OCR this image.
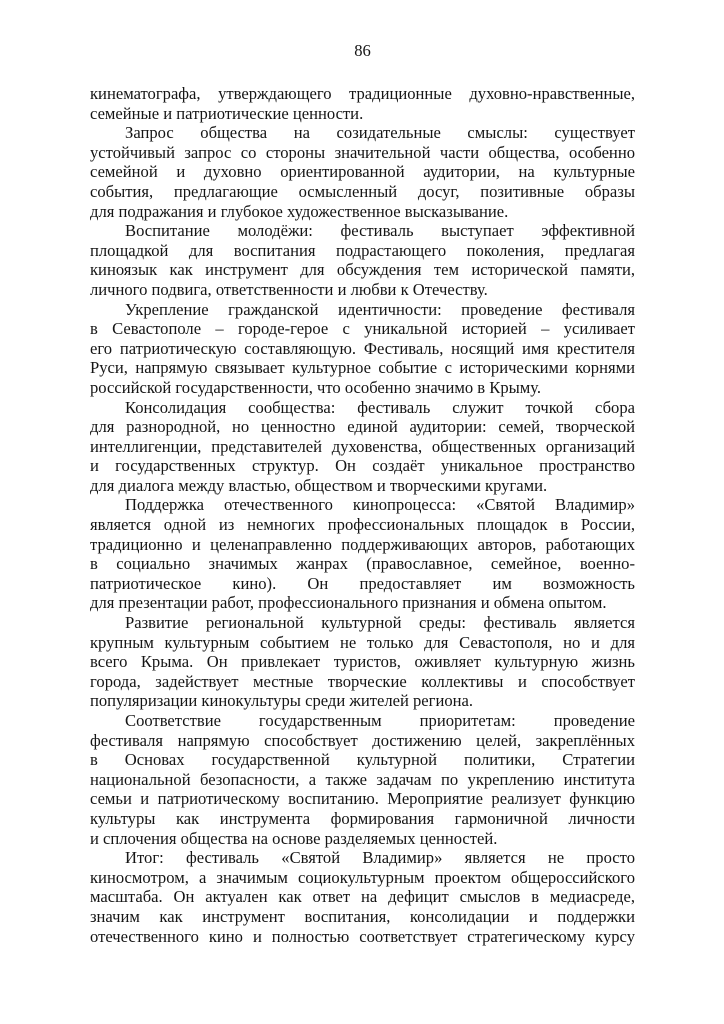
86

кинематографа, утверждающего традиционные духовно-нравственные,
семейные и патриотические ценности.

Запрос общества на созидательные смыслы: существует
устойчивый запрос со стороны значительной части общества, особенно
семейной и духовно ориентированной аудитории, на культурные
события, предлагающие осмысленный досуг, позитивные образы
для подражания и глубокое художественное высказывание.

Воспитание молодёжи: фестиваль выступает эффективной
площадкой для воспитания подрастающего поколения, предлагая
киноязык как инструмент для обсуждения тем исторической памяти,
личного подвига, ответственности и любви к Отечеству.

Укрепление гражданской идентичности: проведение фестиваля
в Севастополе – городе-герое с уникальной историей – усиливает
его патриотическую составляющую. Фестиваль, носящий имя крестителя
Руси, напрямую связывает культурное событие с историческими корнями
российской государственности, что особенно значимо в Крыму.

Консолидация сообщества: фестиваль служит точкой сбора
для разнородной, но ценностно единой аудитории: семей, творческой
интеллигенции, представителей духовенства, общественных организаций
и государственных структур. Он создаёт уникальное пространство
для диалога между властью, обществом и творческими кругами.

Поддержка отечественного кинопроцесса: «Святой Владимир»
является одной из немногих профессиональных площадок в России,
традиционно и целенаправленно поддерживающих авторов, работающих
в социально значимых жанрах (православное, семейное, военно-
патриотическое кино). Он предоставляет им возможность
для презентации работ, профессионального признания и обмена опытом.

Развитие региональной культурной среды: фестиваль является
крупным культурным событием не только для Севастополя, но и для
всего Крыма. Он привлекает туристов, оживляет культурную жизнь
города, задействует местные творческие коллективы и способствует
популяризации кинокультуры среди жителей региона.

Соответствие государственным приоритетам: проведение
фестиваля напрямую способствует достижению целей, закреплённых
в Основах государственной культурной политики, Стратегии
национальной безопасности, а также задачам по укреплению института
семьи и патриотическому воспитанию. Мероприятие реализует функцию
культуры как инструмента формирования гармоничной личности
и сплочения общества на основе разделяемых ценностей.

Итог: фестиваль «Святой Владимир» является не просто
киносмотром, а значимым социокультурным проектом общероссийского
масштаба. Он актуален как ответ на дефицит смыслов в медиасреде,
значим как инструмент воспитания, консолидации и поддержки
отечественного кино и полностью соответствует стратегическому курсу
